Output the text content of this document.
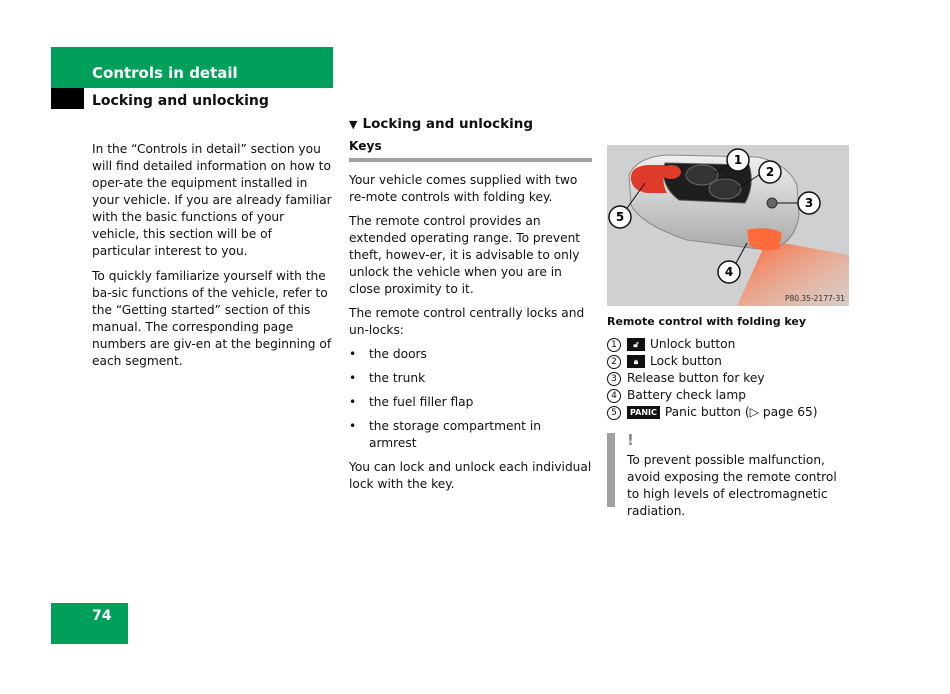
Controls in detail
Locking and unlocking

In the “Controls in detail” section you will find detailed information on how to oper-ate the equipment installed in your vehicle. If you are already familiar with the basic functions of your vehicle, this section will be of particular interest to you.

To quickly familiarize yourself with the ba-sic functions of the vehicle, refer to the “Getting started” section of this manual. The corresponding page numbers are giv-en at the beginning of each segment.

▼ Locking and unlocking
Keys

Your vehicle comes supplied with two re-mote controls with folding key.

The remote control provides an extended operating range. To prevent theft, howev-er, it is advisable to only unlock the vehicle when you are in close proximity to it.

The remote control centrally locks and un-locks:

•	the doors
•	the trunk
•	the fuel filler flap
•	the storage compartment in armrest

You can lock and unlock each individual lock with the key.

1
2
3
4
5
P80.35-2177-31
Remote control with folding key
1	🔓︎ Unlock button
2	🔒︎ Lock button
3 Release button for key
4 Battery check lamp
5	PANIC Panic button (▷ page 65)
!

To prevent possible malfunction, avoid exposing the remote control to high levels of electromagnetic radiation.

74
